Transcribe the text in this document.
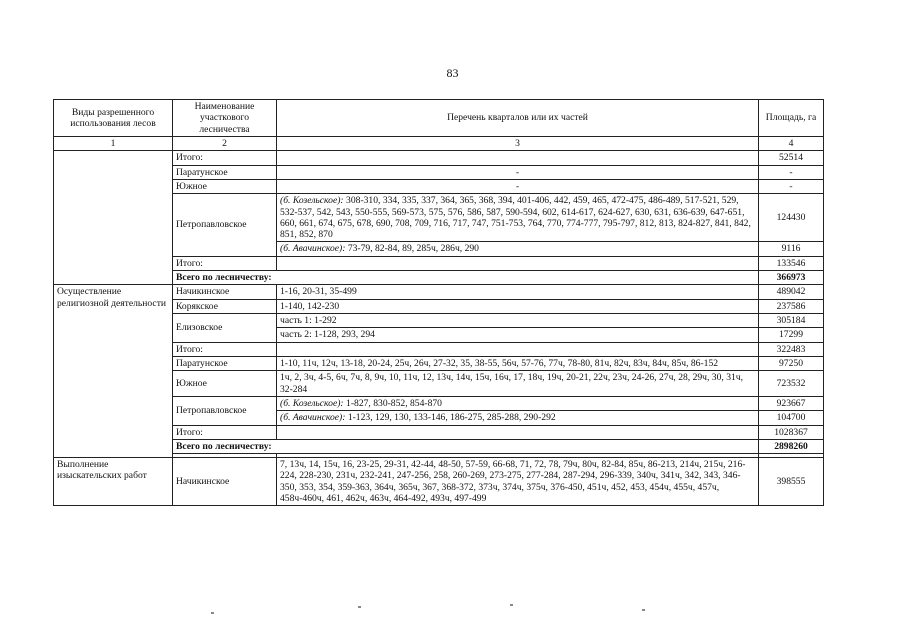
83
Виды разрешенного использования лесов	Наименование участкового лесничества	Перечень кварталов или их частей	Площадь, га
1	2	3	4
	Итого:		52514
	Паратунское	-	-
	Южное	-	-
	Петропавловское	(б. Козельское): 308-310, 334, 335, 337, 364, 365, 368, 394, 401-406, 442, 459, 465, 472-475, 486-489, 517-521, 529, 532-537, 542, 543, 550-555, 569-573, 575, 576, 586, 587, 590-594, 602, 614-617, 624-627, 630, 631, 636-639, 647-651, 660, 661, 674, 675, 678, 690, 708, 709, 716, 717, 747, 751-753, 764, 770, 774-777, 795-797, 812, 813, 824-827, 841, 842, 851, 852, 870	124430
		(б. Авачинское): 73-79, 82-84, 89, 285ч, 286ч, 290	9116
	Итого:		133546
	Всего по лесничеству:		366973
Осуществление религиозной деятельности	Начикинское	1-16, 20-31, 35-499	489042
	Корякское	1-140, 142-230	237586
	Елизовское	часть 1: 1-292	305184
		часть 2: 1-128, 293, 294	17299
	Итого:		322483
	Паратунское	1-10, 11ч, 12ч, 13-18, 20-24, 25ч, 26ч, 27-32, 35, 38-55, 56ч, 57-76, 77ч, 78-80, 81ч, 82ч, 83ч, 84ч, 85ч, 86-152	97250
	Южное	1ч, 2, 3ч, 4-5, 6ч, 7ч, 8, 9ч, 10, 11ч, 12, 13ч, 14ч, 15ч, 16ч, 17, 18ч, 19ч, 20-21, 22ч, 23ч, 24-26, 27ч, 28, 29ч, 30, 31ч, 32-284	723532
	Петропавловское	(б. Козельское): 1-827, 830-852, 854-870	923667
		(б. Авачинское): 1-123, 129, 130, 133-146, 186-275, 285-288, 290-292	104700
	Итого:		1028367
	Всего по лесничеству:		2898260

Выполнение изыскательских работ	Начикинское	7, 13ч, 14, 15ч, 16, 23-25, 29-31, 42-44, 48-50, 57-59, 66-68, 71, 72, 78, 79ч, 80ч, 82-84, 85ч, 86-213, 214ч, 215ч, 216-224, 228-230, 231ч, 232-241, 247-256, 258, 260-269, 273-275, 277-284, 287-294, 296-339, 340ч, 341ч, 342, 343, 346-350, 353, 354, 359-363, 364ч, 365ч, 367, 368-372, 373ч, 374ч, 375ч, 376-450, 451ч, 452, 453, 454ч, 455ч, 457ч, 458ч-460ч, 461, 462ч, 463ч, 464-492, 493ч, 497-499	398555
